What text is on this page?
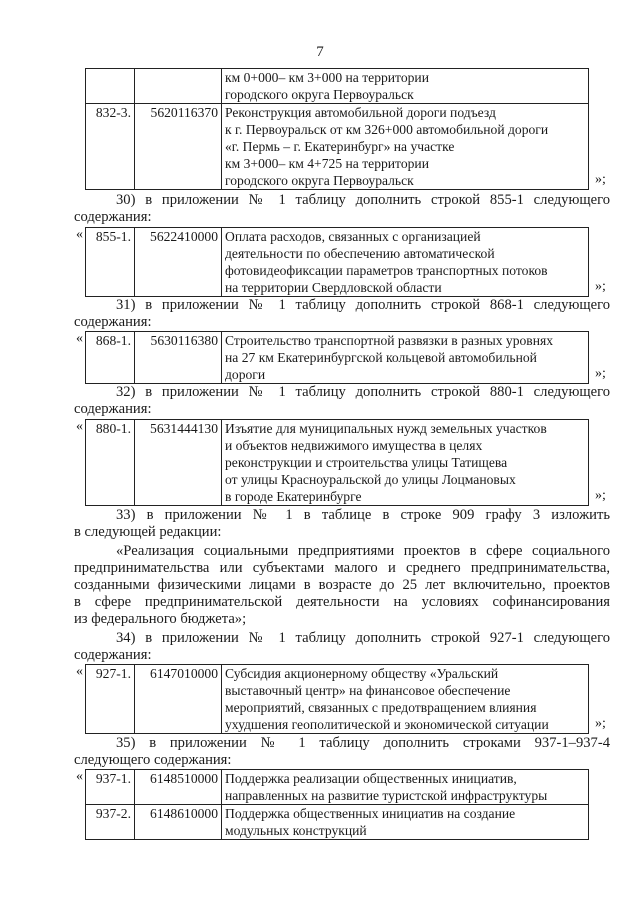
7

		км 0+000– км 3+000 на территории
городского округа Первоуральск

832-3.	5620116370	Реконструкция автомобильной дороги подъезд
к г. Первоуральск от км 326+000 автомобильной дороги
«г. Пермь – г. Екатеринбург» на участке
км 3+000– км 4+725 на территории
городского округа Первоуральск	»;
30) в приложении № 1 таблицу дополнить строкой 855-1 следующего
содержания:
« 855-1.	5622410000	Оплата расходов, связанных с организацией
деятельности по обеспечению автоматической
фотовидеофиксации параметров транспортных потоков
на территории Свердловской области	»;
31) в приложении № 1 таблицу дополнить строкой 868-1 следующего
содержания:
« 868-1.	5630116380	Строительство транспортной развязки в разных уровнях
на 27 км Екатеринбургской кольцевой автомобильной
дороги	»;
32) в приложении № 1 таблицу дополнить строкой 880-1 следующего
содержания:
« 880-1.	5631444130	Изъятие для муниципальных нужд земельных участков
и объектов недвижимого имущества в целях
реконструкции и строительства улицы Татищева
от улицы Красноуральской до улицы Лоцмановых
в городе Екатеринбурге	»;
33) в приложении № 1 в таблице в строке 909 графу 3 изложить
в следующей редакции:
«Реализация социальными предприятиями проектов в сфере социального
предпринимательства или субъектами малого и среднего предпринимательства,
созданными физическими лицами в возрасте до 25 лет включительно, проектов
в сфере предпринимательской деятельности на условиях софинансирования
из федерального бюджета»;
34) в приложении № 1 таблицу дополнить строкой 927-1 следующего
содержания:
« 927-1.	6147010000	Субсидия акционерному обществу «Уральский
выставочный центр» на финансовое обеспечение
мероприятий, связанных с предотвращением влияния
ухудшения геополитической и экономической ситуации	»;
35) в приложении № 1 таблицу дополнить строками 937-1–937-4
следующего содержания:
« 937-1.	6148510000	Поддержка реализации общественных инициатив,
направленных на развитие туристской инфраструктуры

937-2.	6148610000	Поддержка общественных инициатив на создание
модульных конструкций
